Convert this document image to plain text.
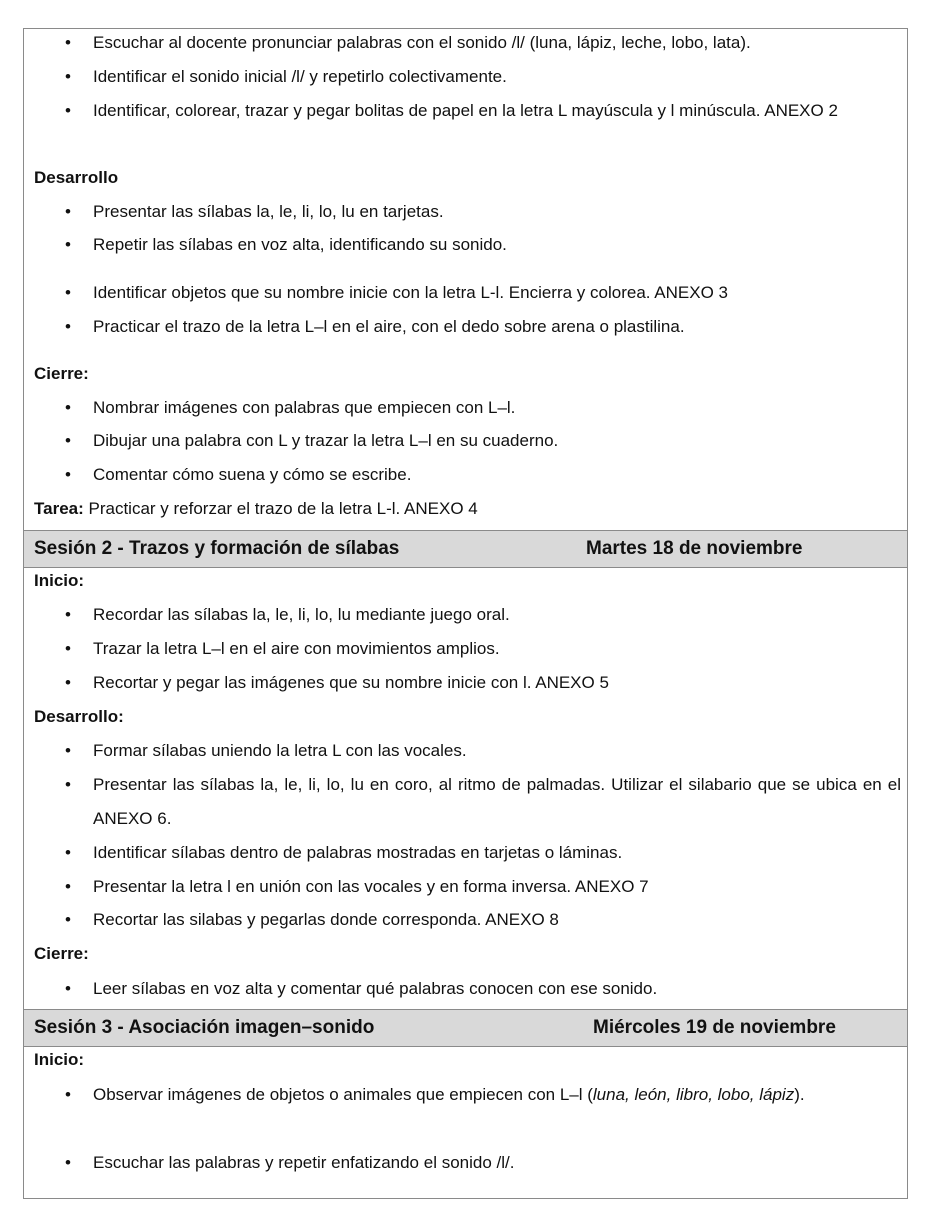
• Escuchar al docente pronunciar palabras con el sonido /l/ (luna, lápiz, leche, lobo, lata).
• Identificar el sonido inicial /l/ y repetirlo colectivamente.
• Identificar, colorear, trazar y pegar bolitas de papel en la letra L mayúscula y l minúscula. ANEXO 2
Desarrollo
• Presentar las sílabas la, le, li, lo, lu en tarjetas.
• Repetir las sílabas en voz alta, identificando su sonido.
• Identificar objetos que su nombre inicie con la letra L-l. Encierra y colorea. ANEXO 3
• Practicar el trazo de la letra L–l en el aire, con el dedo sobre arena o plastilina.
Cierre:
• Nombrar imágenes con palabras que empiecen con L–l.
• Dibujar una palabra con L y trazar la letra L–l en su cuaderno.
• Comentar cómo suena y cómo se escribe.
Tarea: Practicar y reforzar el trazo de la letra L-l. ANEXO 4
Sesión 2 - Trazos y formación de sílabas	Martes 18 de noviembre
Inicio:
• Recordar las sílabas la, le, li, lo, lu mediante juego oral.
• Trazar la letra L–l en el aire con movimientos amplios.
• Recortar y pegar las imágenes que su nombre inicie con l. ANEXO 5
Desarrollo:
• Formar sílabas uniendo la letra L con las vocales.
• Presentar las sílabas la, le, li, lo, lu en coro, al ritmo de palmadas. Utilizar el silabario que se ubica en el ANEXO 6.
• Identificar sílabas dentro de palabras mostradas en tarjetas o láminas.
• Presentar la letra l en unión con las vocales y en forma inversa. ANEXO 7
• Recortar las silabas y pegarlas donde corresponda. ANEXO 8
Cierre:
• Leer sílabas en voz alta y comentar qué palabras conocen con ese sonido.
Sesión 3 - Asociación imagen–sonido	Miércoles 19 de noviembre
Inicio:
• Observar imágenes de objetos o animales que empiecen con L–l (luna, león, libro, lobo, lápiz).
• Escuchar las palabras y repetir enfatizando el sonido /l/.
